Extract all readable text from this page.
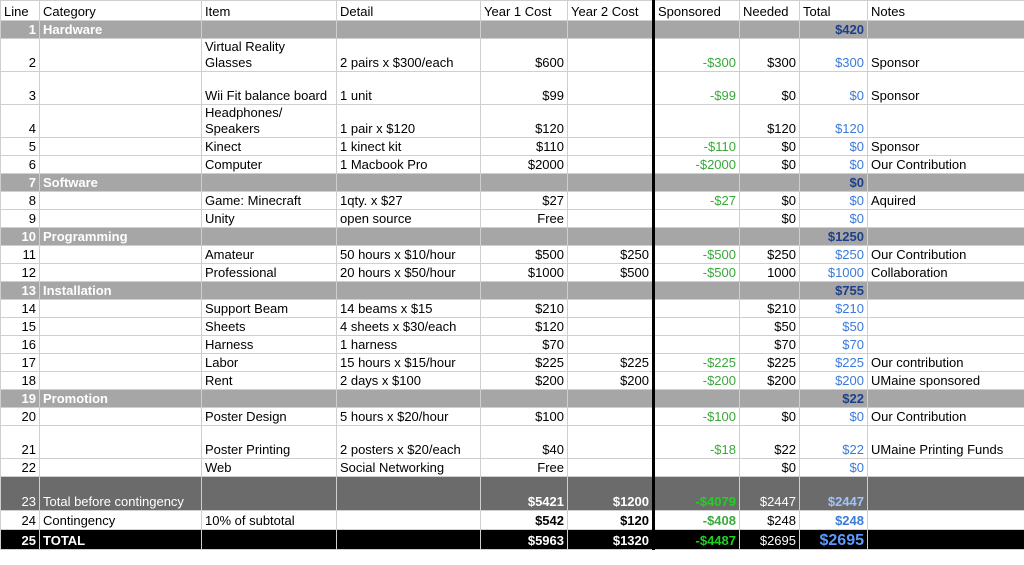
Line	Category	Item	Detail	Year 1 Cost	Year 2 Cost	Sponsored	Needed	Total	Notes
1	Hardware							$420	
2		Virtual Reality Glasses	2 pairs x $300/each	$600		-$300	$300	$300	Sponsor
3		Wii Fit balance board	1 unit	$99		-$99	$0	$0	Sponsor
4		Headphones/ Speakers	1 pair x $120	$120			$120	$120	
5		Kinect	1 kinect kit	$110		-$110	$0	$0	Sponsor
6		Computer	1 Macbook Pro	$2000		-$2000	$0	$0	Our Contribution
7	Software							$0	
8		Game: Minecraft	1qty. x $27	$27		-$27	$0	$0	Aquired
9		Unity	open source	Free			$0	$0	
10	Programming							$1250	
11		Amateur	50 hours x $10/hour	$500	$250	-$500	$250	$250	Our Contribution
12		Professional	20 hours x $50/hour	$1000	$500	-$500	1000	$1000	Collaboration
13	Installation							$755	
14		Support Beam	14 beams x $15	$210			$210	$210	
15		Sheets	4 sheets x $30/each	$120			$50	$50	
16		Harness	1 harness	$70			$70	$70	
17		Labor	15 hours x $15/hour	$225	$225	-$225	$225	$225	Our contribution
18		Rent	2 days x $100	$200	$200	-$200	$200	$200	UMaine sponsored
19	Promotion							$22	
20		Poster Design	5 hours x $20/hour	$100		-$100	$0	$0	Our Contribution
21		Poster Printing	2 posters x $20/each	$40		-$18	$22	$22	UMaine Printing Funds
22		Web	Social Networking	Free			$0	$0	
23	Total before contingency			$5421	$1200	-$4079	$2447	$2447	
24	Contingency	10% of subtotal		$542	$120	-$408	$248	$248	
25	TOTAL			$5963	$1320	-$4487	$2695	$2695	
